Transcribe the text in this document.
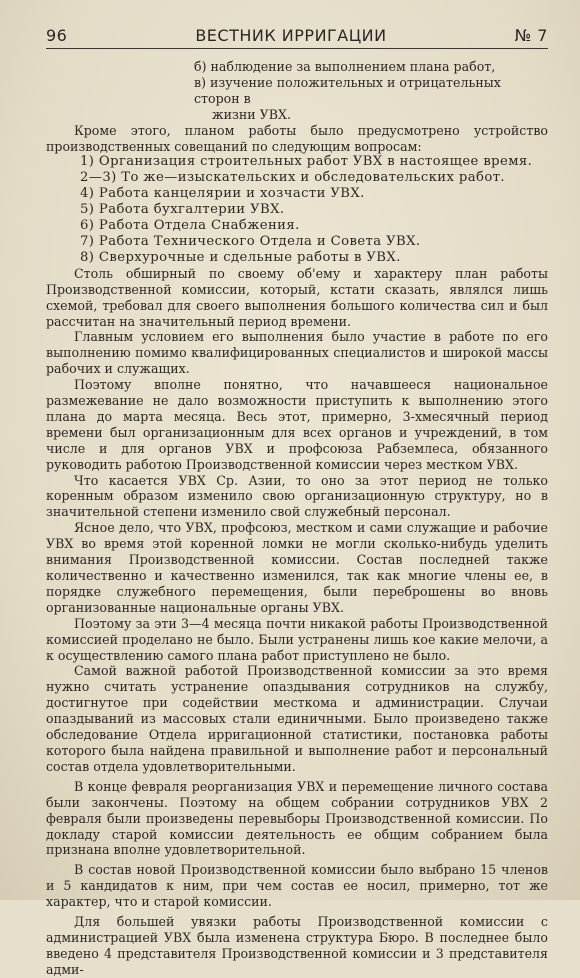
96	ВЕСТНИК ИРРИГАЦИИ	№ 7
б) наблюдение за выполнением плана работ,
в) изучение положительных и отрицательных сторон в
жизни УВХ.

Кроме этого, планом работы было предусмотрено устройство производственных совещаний по следующим вопросам:

1) Организация строительных работ УВХ в настоящее время.
2—3) То же—изыскательских и обследовательских работ.
4) Работа канцелярии и хозчасти УВХ.
5) Работа бухгалтерии УВХ.
6) Работа Отдела Снабжения.
7) Работа Технического Отдела и Совета УВХ.
8) Сверхурочные и сдельные работы в УВХ.

Столь обширный по своему об'ему и характеру план работы Производственной комиссии, который, кстати сказать, являлся лишь схемой, требовал для своего выполнения большого количества сил и был рассчитан на значительный период времени.

Главным условием его выполнения было участие в работе по его выполнению помимо квалифицированных специалистов и широкой массы рабочих и служащих.

Поэтому вполне понятно, что начавшееся национальное размежевание не дало возможности приступить к выполнению этого плана до марта месяца. Весь этот, примерно, 3-хмесячный период времени был организационным для всех органов и учреждений, в том числе и для органов УВХ и профсоюза Рабземлеса, обязанного руководить работою Производственной комиссии через местком УВХ.

Что касается УВХ Ср. Азии, то оно за этот период не только коренным образом изменило свою организационную структуру, но в значительной степени изменило свой служебный персонал.

Ясное дело, что УВХ, профсоюз, местком и сами служащие и рабочие УВХ во время этой коренной ломки не могли сколько-нибудь уделить внимания Производственной комиссии. Состав последней также количественно и качественно изменился, так как многие члены ее, в порядке служебного перемещения, были переброшены во вновь организованные национальные органы УВХ.

Поэтому за эти 3—4 месяца почти никакой работы Производственной комиссией проделано не было. Были устранены лишь кое какие мелочи, а к осуществлению самого плана работ приступлено не было.

Самой важной работой Производственной комиссии за это время нужно считать устранение опаздывания сотрудников на службу, достигнутое при содействии месткома и администрации. Случаи опаздываний из массовых стали единичными. Было произведено также обследование Отдела ирригационной статистики, постановка работы которого была найдена правильной и выполнение работ и персональный состав отдела удовлетворительными.

В конце февраля реорганизация УВХ и перемещение личного состава были закончены. Поэтому на общем собрании сотрудников УВХ 2 февраля были произведены перевыборы Производственной комиссии. По докладу старой комиссии деятельность ее общим собранием была признана вполне удовлетворительной.

В состав новой Производственной комиссии было выбрано 15 членов и 5 кандидатов к ним, при чем состав ее носил, примерно, тот же характер, что и старой комиссии.

Для большей увязки работы Производственной комиссии с администрацией УВХ была изменена структура Бюро. В последнее было введено 4 представителя Производственной комиссии и 3 представителя адми-
